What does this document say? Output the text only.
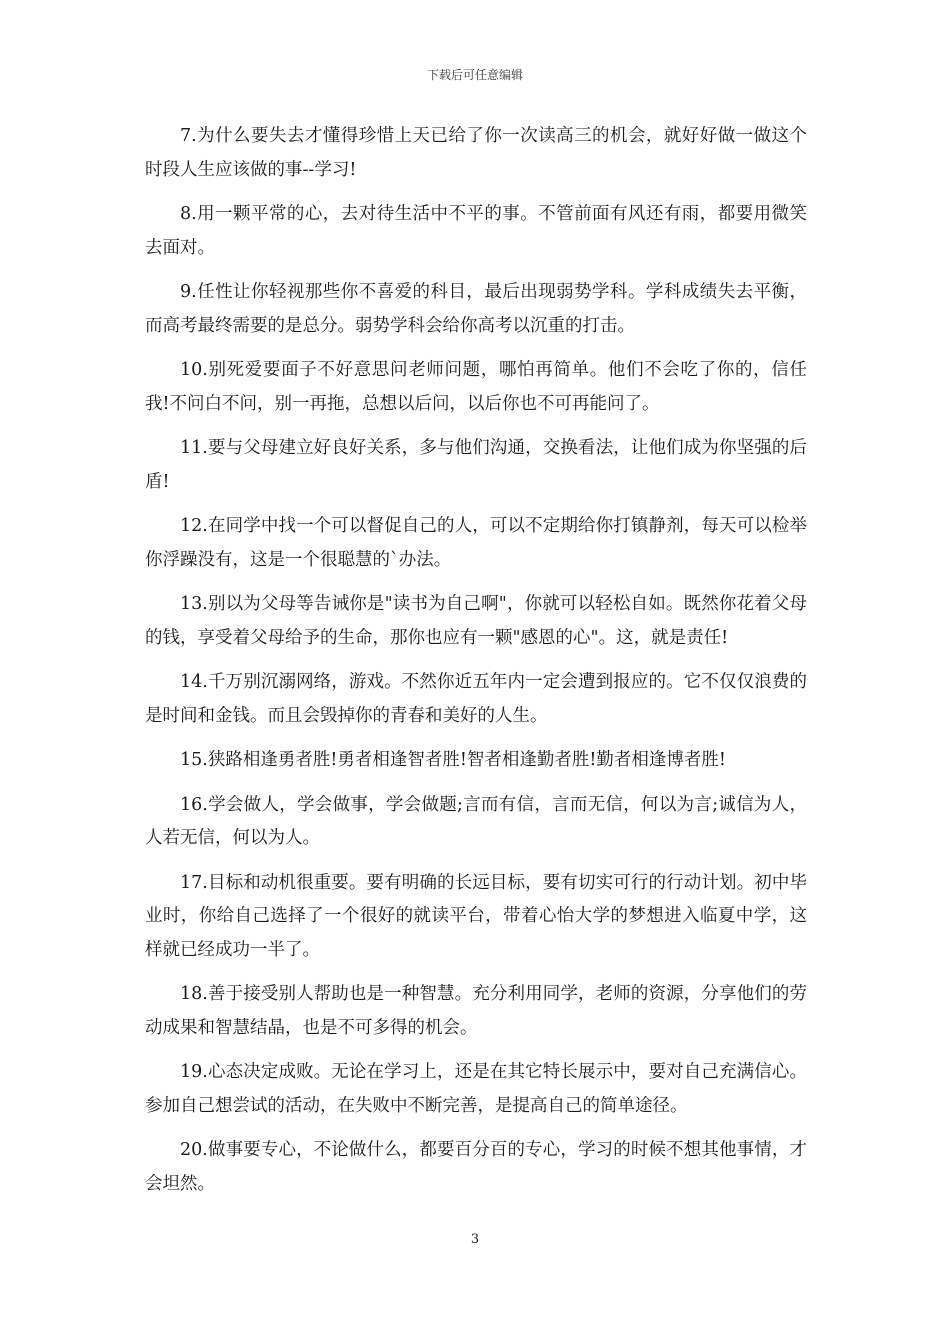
下载后可任意编辑

7.为什么要失去才懂得珍惜上天已给了你一次读高三的机会，就好好做一做这个时段人生应该做的事--学习!

8.用一颗平常的心，去对待生活中不平的事。不管前面有风还有雨，都要用微笑去面对。

9.任性让你轻视那些你不喜爱的科目，最后出现弱势学科。学科成绩失去平衡，而高考最终需要的是总分。弱势学科会给你高考以沉重的打击。

10.别死爱要面子不好意思问老师问题，哪怕再简单。他们不会吃了你的，信任我!不问白不问，别一再拖，总想以后问，以后你也不可再能问了。

11.要与父母建立好良好关系，多与他们沟通，交换看法，让他们成为你坚强的后盾!

12.在同学中找一个可以督促自己的人，可以不定期给你打镇静剂，每天可以检举你浮躁没有，这是一个很聪慧的`办法。

13.别以为父母等告诫你是"读书为自己啊"，你就可以轻松自如。既然你花着父母的钱，享受着父母给予的生命，那你也应有一颗"感恩的心"。这，就是责任!

14.千万别沉溺网络，游戏。不然你近五年内一定会遭到报应的。它不仅仅浪费的是时间和金钱。而且会毁掉你的青春和美好的人生。

15.狭路相逢勇者胜!勇者相逢智者胜!智者相逢勤者胜!勤者相逢博者胜!

16.学会做人，学会做事，学会做题;言而有信，言而无信，何以为言;诚信为人，人若无信，何以为人。

17.目标和动机很重要。要有明确的长远目标，要有切实可行的行动计划。初中毕业时，你给自己选择了一个很好的就读平台，带着心怡大学的梦想进入临夏中学，这样就已经成功一半了。

18.善于接受别人帮助也是一种智慧。充分利用同学，老师的资源，分享他们的劳动成果和智慧结晶，也是不可多得的机会。

19.心态决定成败。无论在学习上，还是在其它特长展示中，要对自己充满信心。参加自己想尝试的活动，在失败中不断完善，是提高自己的简单途径。

20.做事要专心，不论做什么，都要百分百的专心，学习的时候不想其他事情，才会坦然。

3
